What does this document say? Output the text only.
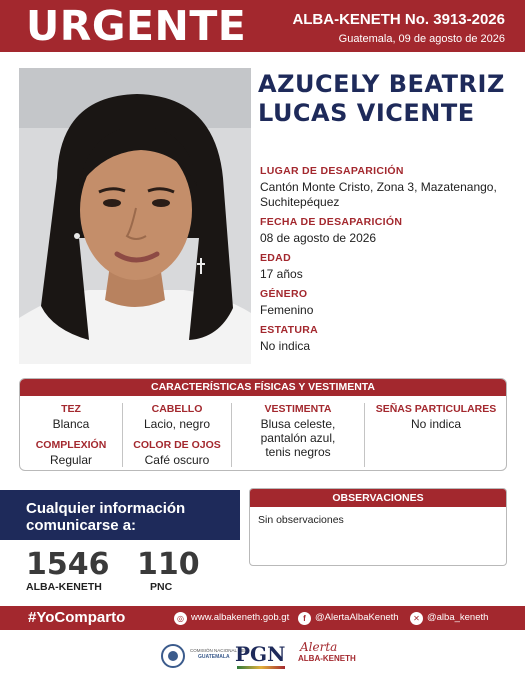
URGENTE	ALBA-KENETH No. 3913-2026
Guatemala, 09 de agosto de 2026
AZUCELY BEATRIZ
LUCAS VICENTE
LUGAR DE DESAPARICIÓN
Cantón Monte Cristo, Zona 3, Mazatenango, Suchitepéquez
FECHA DE DESAPARICIÓN
08 de agosto de 2026
EDAD
17 años
GÉNERO
Femenino
ESTATURA
No indica
CARACTERÍSTICAS FÍSICAS Y VESTIMENTA
TEZ
Blanca
COMPLEXIÓN
Regular
CABELLO
Lacio, negro
COLOR DE OJOS
Café oscuro
VESTIMENTA
Blusa celeste,
pantalón azul,
tenis negros
SEÑAS PARTICULARES
No indica
Cualquier información
comunicarse a:
1546
ALBA-KENETH
110
PNC
OBSERVACIONES
Sin observaciones
#YoComparto	◎ www.albakeneth.gob.gt	f @AlertaAlbaKeneth	✕ @alba_keneth
COMISIÓN NACIONAL DEL
GUATEMALA PGN Alerta
ALBA-KENETH
